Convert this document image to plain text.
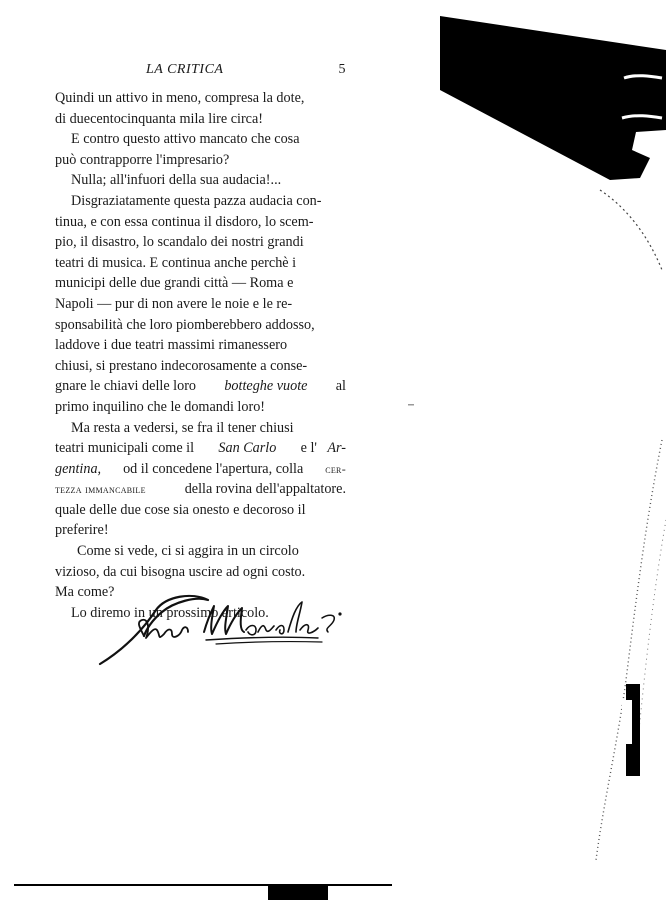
LA CRITICA	5
Quindi un attivo in meno, compresa la dote,
di duecentocinquanta mila lire circa!
E contro questo attivo mancato che cosa
può contrapporre l'impresario?
Nulla; all'infuori della sua audacia!...
Disgraziatamente questa pazza audacia con-
tinua, e con essa continua il disdoro, lo scem-
pio, il disastro, lo scandalo dei nostri grandi
teatri di musica. E continua anche perchè i
municipi delle due grandi città — Roma e
Napoli — pur di non avere le noie e le re-
sponsabilità che loro piomberebbero addosso,
laddove i due teatri massimi rimanessero
chiusi, si prestano indecorosamente a conse-
gnare le chiavi delle loro
botteghe vuote
al
primo inquilino che le domandi loro!
Ma resta a vedersi, se fra il tener chiusi
teatri municipali come il
San Carlo
e l' Ar-
gentina,
od il concedene l'apertura, colla
cer-
tezza immancabile
	della rovina dell'appaltatore.
quale delle due cose sia onesto e decoroso il
preferire!
Come si vede, ci si aggira in un circolo
vizioso, da cui bisogna uscire ad ogni costo.
Ma come?
Lo diremo in un prossimo articolo.
